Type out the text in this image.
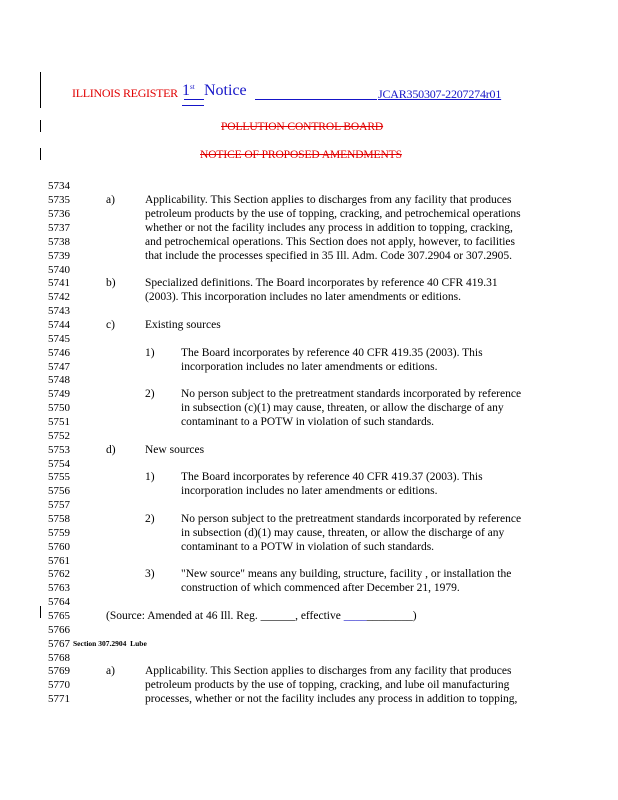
ILLINOIS REGISTER 1st Notice	JCAR350307-2207274r01
POLLUTION CONTROL BOARD
NOTICE OF PROPOSED AMENDMENTS
5734
5735
5736
5737
5738
5739
5740
5741
5742
5743
5744
5745
5746
5747
5748
5749
5750
5751
5752
5753
5754
5755
5756
5757
5758
5759
5760
5761
5762
5763
5764
5765
5766
5767
5768
5769
5770
5771
a)	Applicability. This Section applies to discharges from any facility that produces
petroleum products by the use of topping, cracking, and petrochemical operations
whether or not the facility includes any process in addition to topping, cracking,
and petrochemical operations. This Section does not apply, however, to facilities
that include the processes specified in 35 Ill. Adm. Code 307.2904 or 307.2905.
b)	Specialized definitions. The Board incorporates by reference 40 CFR 419.31
(2003). This incorporation includes no later amendments or editions.
c)	Existing sources
1) The Board incorporates by reference 40 CFR 419.35 (2003). This
incorporation includes no later amendments or editions.
2) No person subject to the pretreatment standards incorporated by reference
in subsection (c)(1) may cause, threaten, or allow the discharge of any
contaminant to a POTW in violation of such standards.
d)	New sources
1) The Board incorporates by reference 40 CFR 419.37 (2003). This
incorporation includes no later amendments or editions.
2) No person subject to the pretreatment standards incorporated by reference
in subsection (d)(1) may cause, threaten, or allow the discharge of any
contaminant to a POTW in violation of such standards.
3) "New source" means any building, structure, facility , or installation the
construction of which commenced after December 21, 1979.
(Source: Amended at 46 Ill. Reg. ______, effective ____________)
Section 307.2904 Lube
a)	Applicability. This Section applies to discharges from any facility that produces
petroleum products by the use of topping, cracking, and lube oil manufacturing
processes, whether or not the facility includes any process in addition to topping,
